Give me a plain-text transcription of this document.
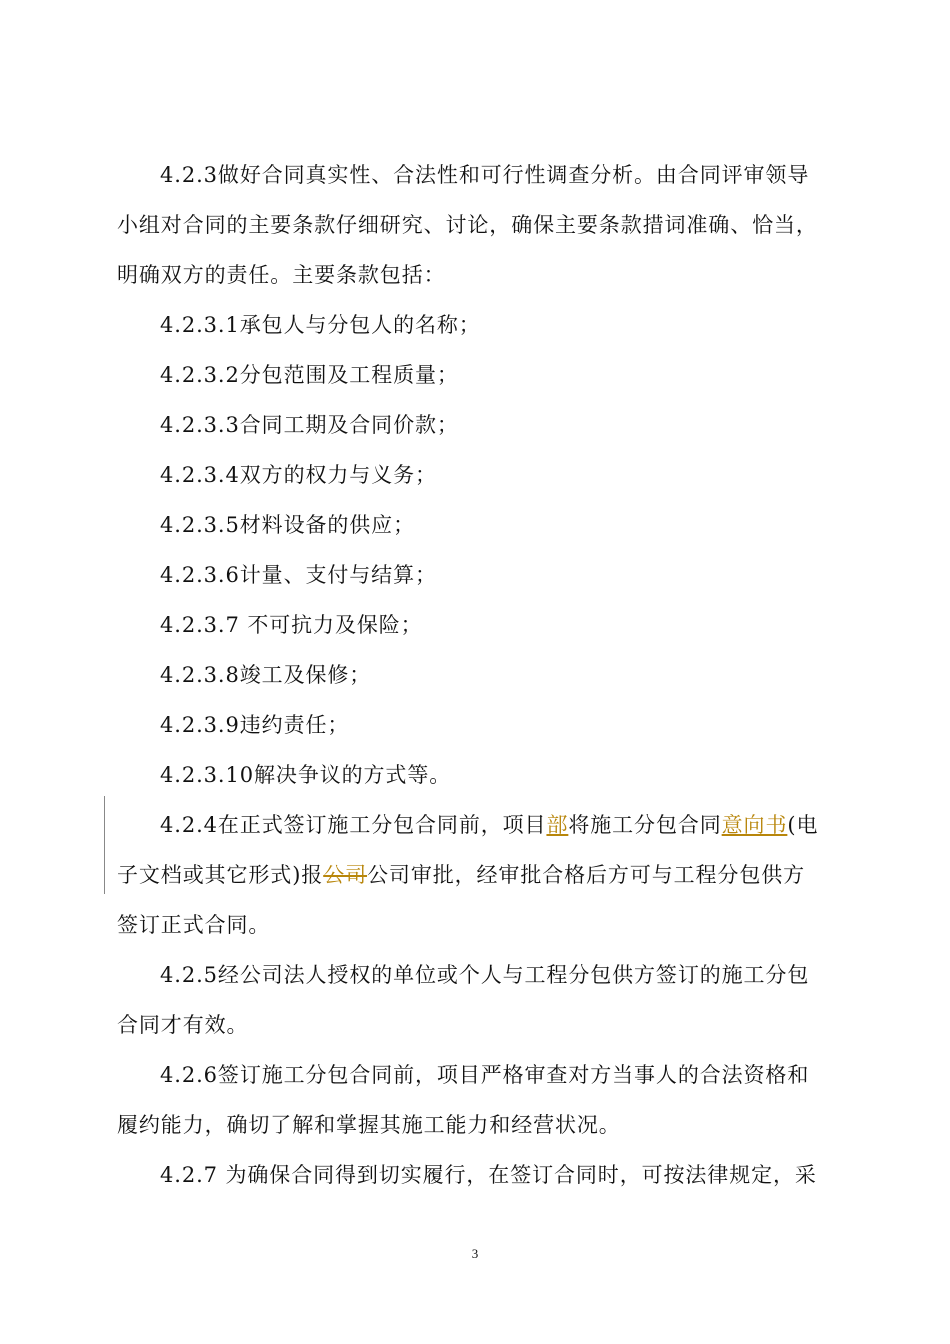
4.2.3做好合同真实性、合法性和可行性调查分析。由合同评审领导
小组对合同的主要条款仔细研究、讨论，确保主要条款措词准确、恰当，
明确双方的责任。主要条款包括：
4.2.3.1承包人与分包人的名称；
4.2.3.2分包范围及工程质量；
4.2.3.3合同工期及合同价款；
4.2.3.4双方的权力与义务；
4.2.3.5材料设备的供应；
4.2.3.6计量、支付与结算；
4.2.3.7 不可抗力及保险；
4.2.3.8竣工及保修；
4.2.3.9违约责任；
4.2.3.10解决争议的方式等。
4.2.4在正式签订施工分包合同前，项目部将施工分包合同意向书(电
子文档或其它形式)报公司公司审批，经审批合格后方可与工程分包供方
签订正式合同。
4.2.5经公司法人授权的单位或个人与工程分包供方签订的施工分包
合同才有效。
4.2.6签订施工分包合同前，项目严格审查对方当事人的合法资格和
履约能力，确切了解和掌握其施工能力和经营状况。
4.2.7 为确保合同得到切实履行，在签订合同时，可按法律规定，采
3
